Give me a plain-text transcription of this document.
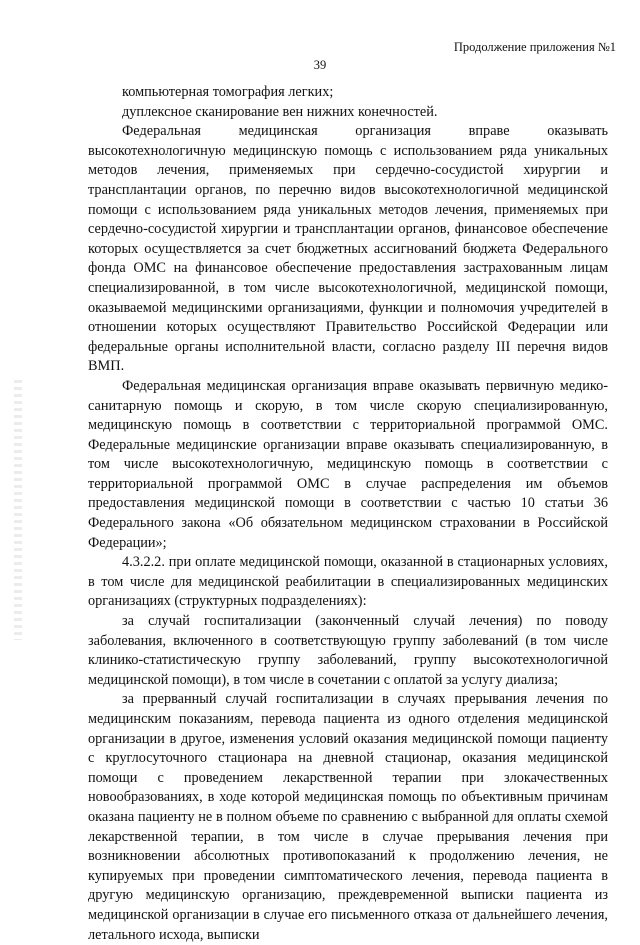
Продолжение приложения №1
39

компьютерная томография легких;

дуплексное сканирование вен нижних конечностей.

Федеральная медицинская организация вправе оказывать высокотехнологичную медицинскую помощь с использованием ряда уникальных методов лечения, применяемых при сердечно-сосудистой хирургии и трансплантации органов, по перечню видов высокотехнологичной медицинской помощи с использованием ряда уникальных методов лечения, применяемых при сердечно-сосудистой хирургии и трансплантации органов, финансовое обеспечение которых осуществляется за счет бюджетных ассигнований бюджета Федерального фонда ОМС на финансовое обеспечение предоставления застрахованным лицам специализированной, в том числе высокотехнологичной, медицинской помощи, оказываемой медицинскими организациями, функции и полномочия учредителей в отношении которых осуществляют Правительство Российской Федерации или федеральные органы исполнительной власти, согласно разделу III перечня видов ВМП.

Федеральная медицинская организация вправе оказывать первичную медико-санитарную помощь и скорую, в том числе скорую специализированную, медицинскую помощь в соответствии с территориальной программой ОМС. Федеральные медицинские организации вправе оказывать специализированную, в том числе высокотехнологичную, медицинскую помощь в соответствии с территориальной программой ОМС в случае распределения им объемов предоставления медицинской помощи в соответствии с частью 10 статьи 36 Федерального закона «Об обязательном медицинском страховании в Российской Федерации»;

4.3.2.2. при оплате медицинской помощи, оказанной в стационарных условиях, в том числе для медицинской реабилитации в специализированных медицинских организациях (структурных подразделениях):

за случай госпитализации (законченный случай лечения) по поводу заболевания, включенного в соответствующую группу заболеваний (в том числе клинико-статистическую группу заболеваний, группу высокотехнологичной медицинской помощи), в том числе в сочетании с оплатой за услугу диализа;

за прерванный случай госпитализации в случаях прерывания лечения по медицинским показаниям, перевода пациента из одного отделения медицинской организации в другое, изменения условий оказания медицинской помощи пациенту с круглосуточного стационара на дневной стационар, оказания медицинской помощи с проведением лекарственной терапии при злокачественных новообразованиях, в ходе которой медицинская помощь по объективным причинам оказана пациенту не в полном объеме по сравнению с выбранной для оплаты схемой лекарственной терапии, в том числе в случае прерывания лечения при возникновении абсолютных противопоказаний к продолжению лечения, не купируемых при проведении симптоматического лечения, перевода пациента в другую медицинскую организацию, преждевременной выписки пациента из медицинской организации в случае его письменного отказа от дальнейшего лечения, летального исхода, выписки
